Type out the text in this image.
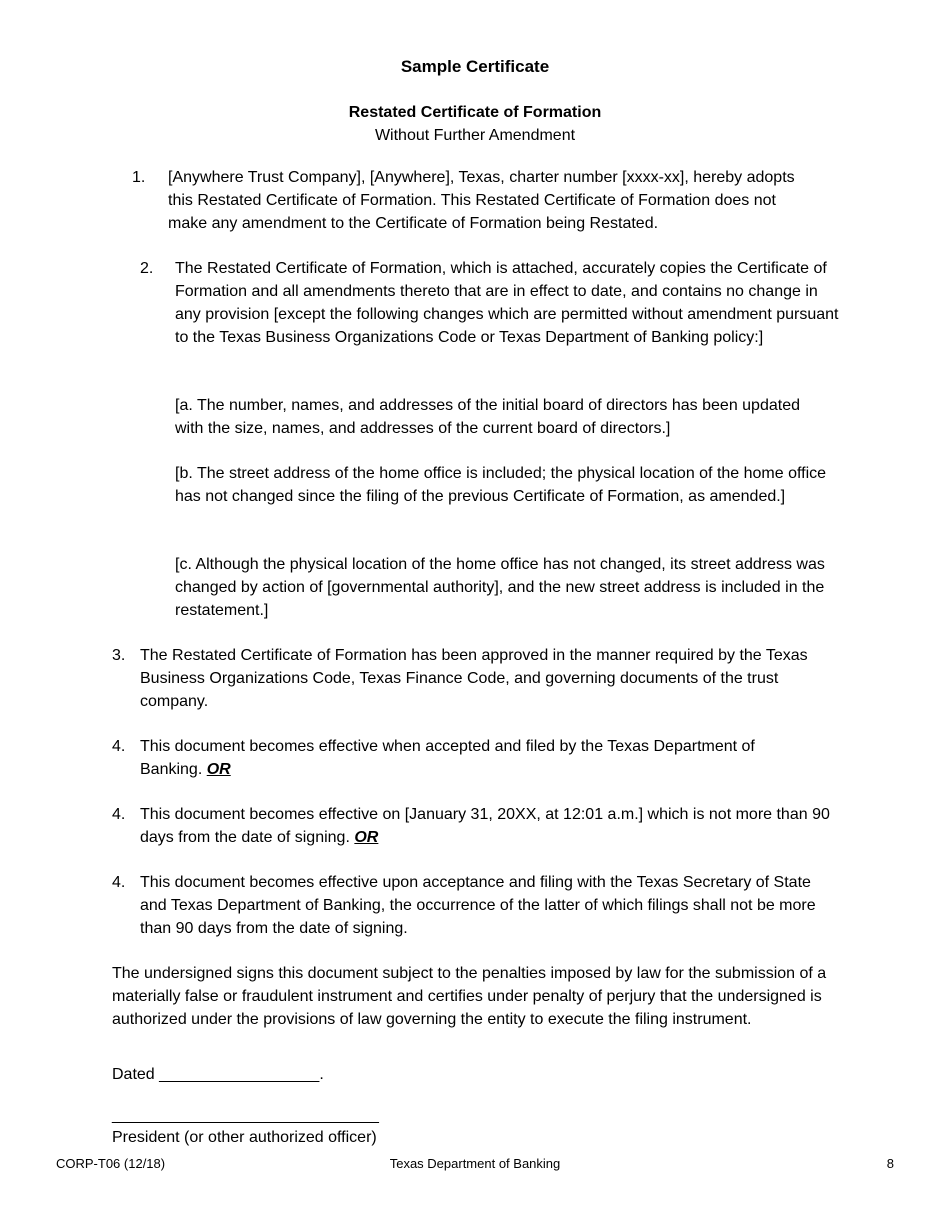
Sample Certificate
Restated Certificate of Formation
Without Further Amendment
1. [Anywhere Trust Company], [Anywhere], Texas, charter number [xxxx-xx], hereby adopts this Restated Certificate of Formation. This Restated Certificate of Formation does not make any amendment to the Certificate of Formation being Restated.
2. The Restated Certificate of Formation, which is attached, accurately copies the Certificate of Formation and all amendments thereto that are in effect to date, and contains no change in any provision [except the following changes which are permitted without amendment pursuant to the Texas Business Organizations Code or Texas Department of Banking policy:]
[a. The number, names, and addresses of the initial board of directors has been updated with the size, names, and addresses of the current board of directors.]
[b. The street address of the home office is included; the physical location of the home office has not changed since the filing of the previous Certificate of Formation, as amended.]
[c. Although the physical location of the home office has not changed, its street address was changed by action of [governmental authority], and the new street address is included in the restatement.]
3. The Restated Certificate of Formation has been approved in the manner required by the Texas Business Organizations Code, Texas Finance Code, and governing documents of the trust company.
4. This document becomes effective when accepted and filed by the Texas Department of Banking. OR
4. This document becomes effective on [January 31, 20XX, at 12:01 a.m.] which is not more than 90 days from the date of signing. OR
4. This document becomes effective upon acceptance and filing with the Texas Secretary of State and Texas Department of Banking, the occurrence of the latter of which filings shall not be more than 90 days from the date of signing.
The undersigned signs this document subject to the penalties imposed by law for the submission of a materially false or fraudulent instrument and certifies under penalty of perjury that the undersigned is authorized under the provisions of law governing the entity to execute the filing instrument.
Dated __________________.
______________________________
President (or other authorized officer)
CORP-T06 (12/18)	Texas Department of Banking	8
